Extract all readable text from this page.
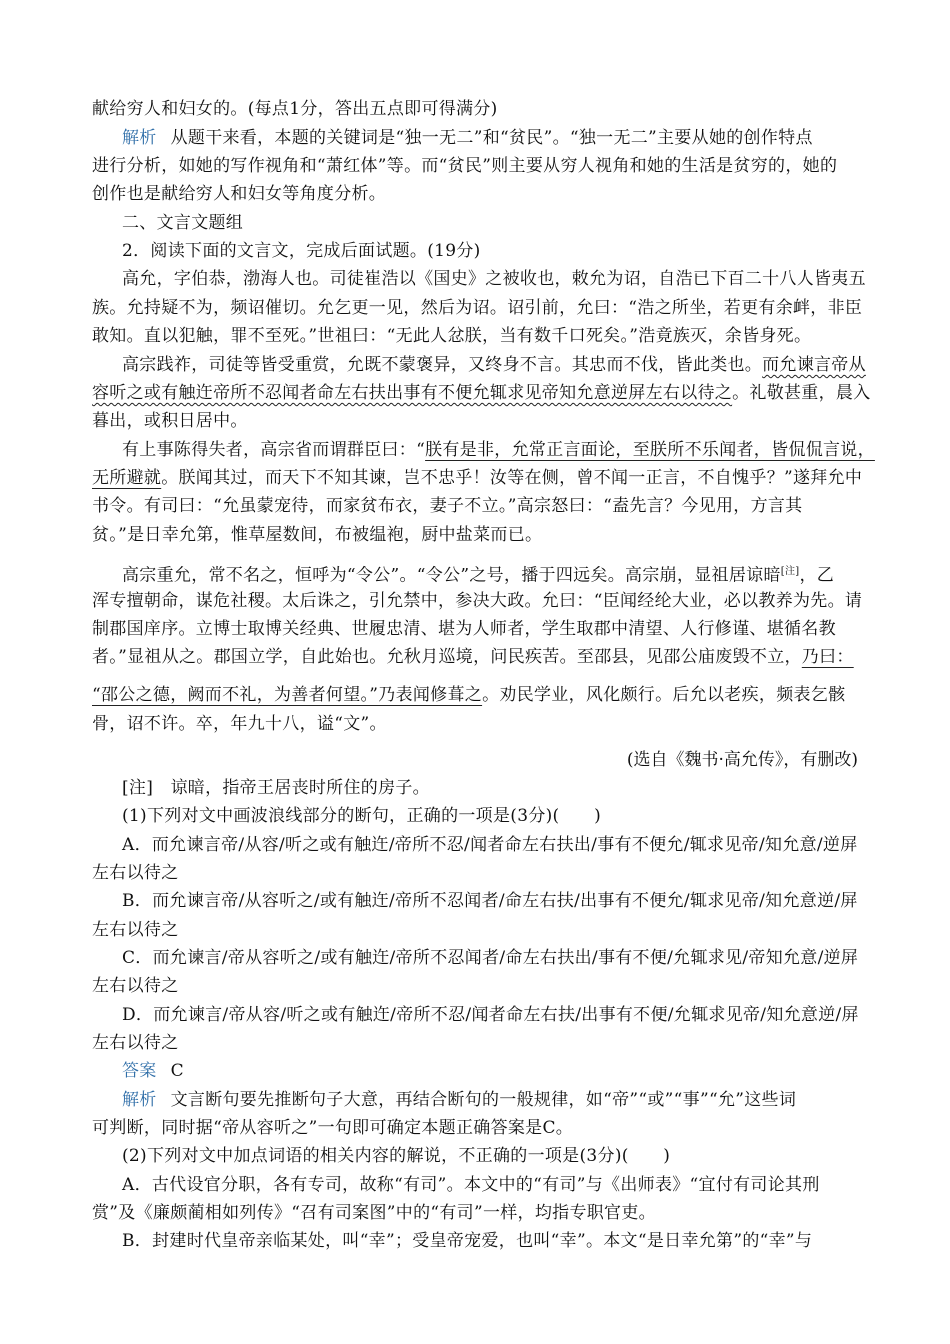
献给穷人和妇女的。(每点1分，答出五点即可得满分)
解析 从题干来看，本题的关键词是“独一无二”和“贫民”。“独一无二”主要从她的创作特点
进行分析，如她的写作视角和“萧红体”等。而“贫民”则主要从穷人视角和她的生活是贫穷的，她的
创作也是献给穷人和妇女等角度分析。
二、文言文题组
2．阅读下面的文言文，完成后面试题。(19分)
高允，字伯恭，渤海人也。司徒崔浩以《国史》之被收也，敕允为诏，自浩已下百二十八人皆夷五
族。允持疑不为，频诏催切。允乞更一见，然后为诏。诏引前，允曰：“浩之所坐，若更有余衅，非臣
敢知。直以犯触，罪不至死。”世祖曰：“无此人忿朕，当有数千口死矣。”浩竟族灭，余皆身死。
高宗践祚，司徒等皆受重赏，允既不蒙褒异，又终身不言。其忠而不伐，皆此类也。而允谏言帝从
容听之或有触迕帝所不忍闻者命左右扶出事有不便允辄求见帝知允意逆屏左右以待之。礼敬甚重，晨入
暮出，或积日居中。
有上事陈得失者，高宗省而谓群臣曰：“朕有是非，允常正言面论，至朕所不乐闻者，皆侃侃言说，
无所避就。朕闻其过，而天下不知其谏，岂不忠乎！汝等在侧，曾不闻一正言，不自愧乎？”遂拜允中
书令。有司曰：“允虽蒙宠待，而家贫布衣，妻子不立。”高宗怒曰：“盍先言？今见用，方言其
贫。”是日幸允第，惟草屋数间，布被缊袍，厨中盐菜而已。
高宗重允，常不名之，恒呼为“令公”。“令公”之号，播于四远矣。高宗崩，显祖居谅暗[注]，乙
浑专擅朝命，谋危社稷。太后诛之，引允禁中，参决大政。允曰：“臣闻经纶大业，必以教养为先。请
制郡国庠序。立博士取博关经典、世履忠清、堪为人师者，学生取郡中清望、人行修谨、堪循名教
者。”显祖从之。郡国立学，自此始也。允秋月巡境，问民疾苦。至邵县，见邵公庙废毁不立，乃曰：
“邵公之德，阙而不礼，为善者何望。”乃表闻修葺之。劝民学业，风化颇行。后允以老疾，频表乞骸
骨，诏不许。卒，年九十八，谥“文”。
(选自《魏书·高允传》，有删改)
[注]　谅暗，指帝王居丧时所住的房子。
(1)下列对文中画波浪线部分的断句，正确的一项是(3分)(　　)
A．而允谏言帝/从容/听之或有触迕/帝所不忍/闻者命左右扶出/事有不便允/辄求见帝/知允意/逆屏
左右以待之
B．而允谏言帝/从容听之/或有触迕/帝所不忍闻者/命左右扶/出事有不便允/辄求见帝/知允意逆/屏
左右以待之
C．而允谏言/帝从容听之/或有触迕/帝所不忍闻者/命左右扶出/事有不便/允辄求见/帝知允意/逆屏
左右以待之
D．而允谏言/帝从容/听之或有触迕/帝所不忍/闻者命左右扶/出事有不便/允辄求见帝/知允意逆/屏
左右以待之
答案 C
解析 文言断句要先推断句子大意，再结合断句的一般规律，如“帝”“或”“事”“允”这些词
可判断，同时据“帝从容听之”一句即可确定本题正确答案是C。
(2)下列对文中加点词语的相关内容的解说，不正确的一项是(3分)(　　)
A．古代设官分职，各有专司，故称“有司”。本文中的“有司”与《出师表》“宜付有司论其刑
赏”及《廉颇蔺相如列传》“召有司案图”中的“有司”一样，均指专职官吏。
B．封建时代皇帝亲临某处，叫“幸”；受皇帝宠爱，也叫“幸”。本文“是日幸允第”的“幸”与
